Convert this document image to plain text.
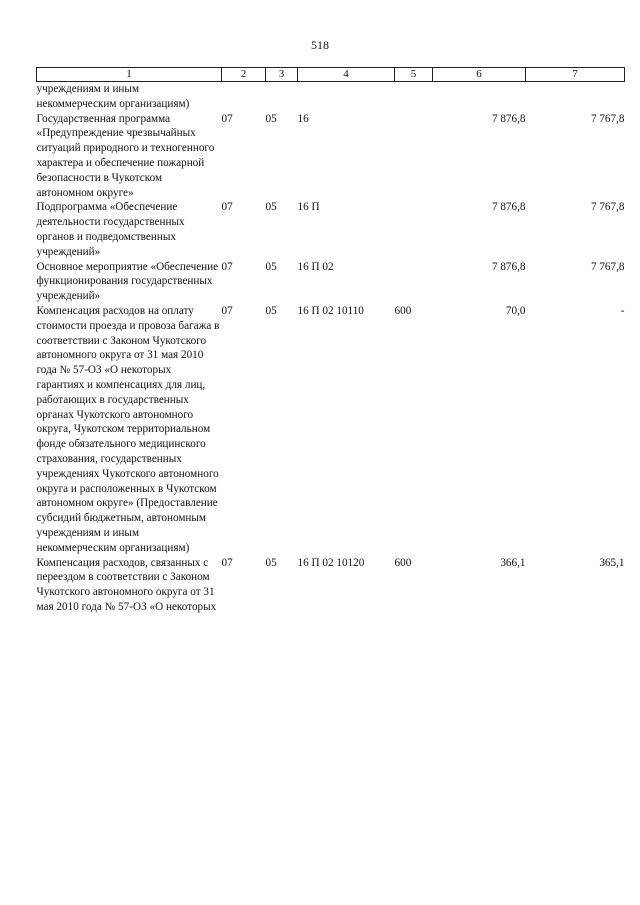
518
1	2	3	4	5	6	7
учреждениям и иным некоммерческим организациям)						
Государственная программа «Предупреждение чрезвычайных ситуаций природного и техногенного характера и обеспечение пожарной безопасности в Чукотском автономном округе»	07	05	16		7 876,8	7 767,8
Подпрограмма «Обеспечение деятельности государственных органов и подведомственных учреждений»	07	05	16 П		7 876,8	7 767,8
Основное мероприятие «Обеспечение функционирования государственных учреждений»	07	05	16 П 02		7 876,8	7 767,8
Компенсация расходов на оплату стоимости проезда и провоза багажа в соответствии с Законом Чукотского автономного округа от 31 мая 2010 года № 57-ОЗ «О некоторых гарантиях и компенсациях для лиц, работающих в государственных органах Чукотского автономного округа, Чукотском территориальном фонде обязательного медицинского страхования, государственных учреждениях Чукотского автономного округа и расположенных в Чукотском автономном округе» (Предоставление субсидий бюджетным, автономным учреждениям и иным некоммерческим организациям)	07	05	16 П 02 10110	600	70,0	-
Компенсация расходов, связанных с переездом в соответствии с Законом Чукотского автономного округа от 31 мая 2010 года № 57-ОЗ «О некоторых	07	05	16 П 02 10120	600	366,1	365,1
